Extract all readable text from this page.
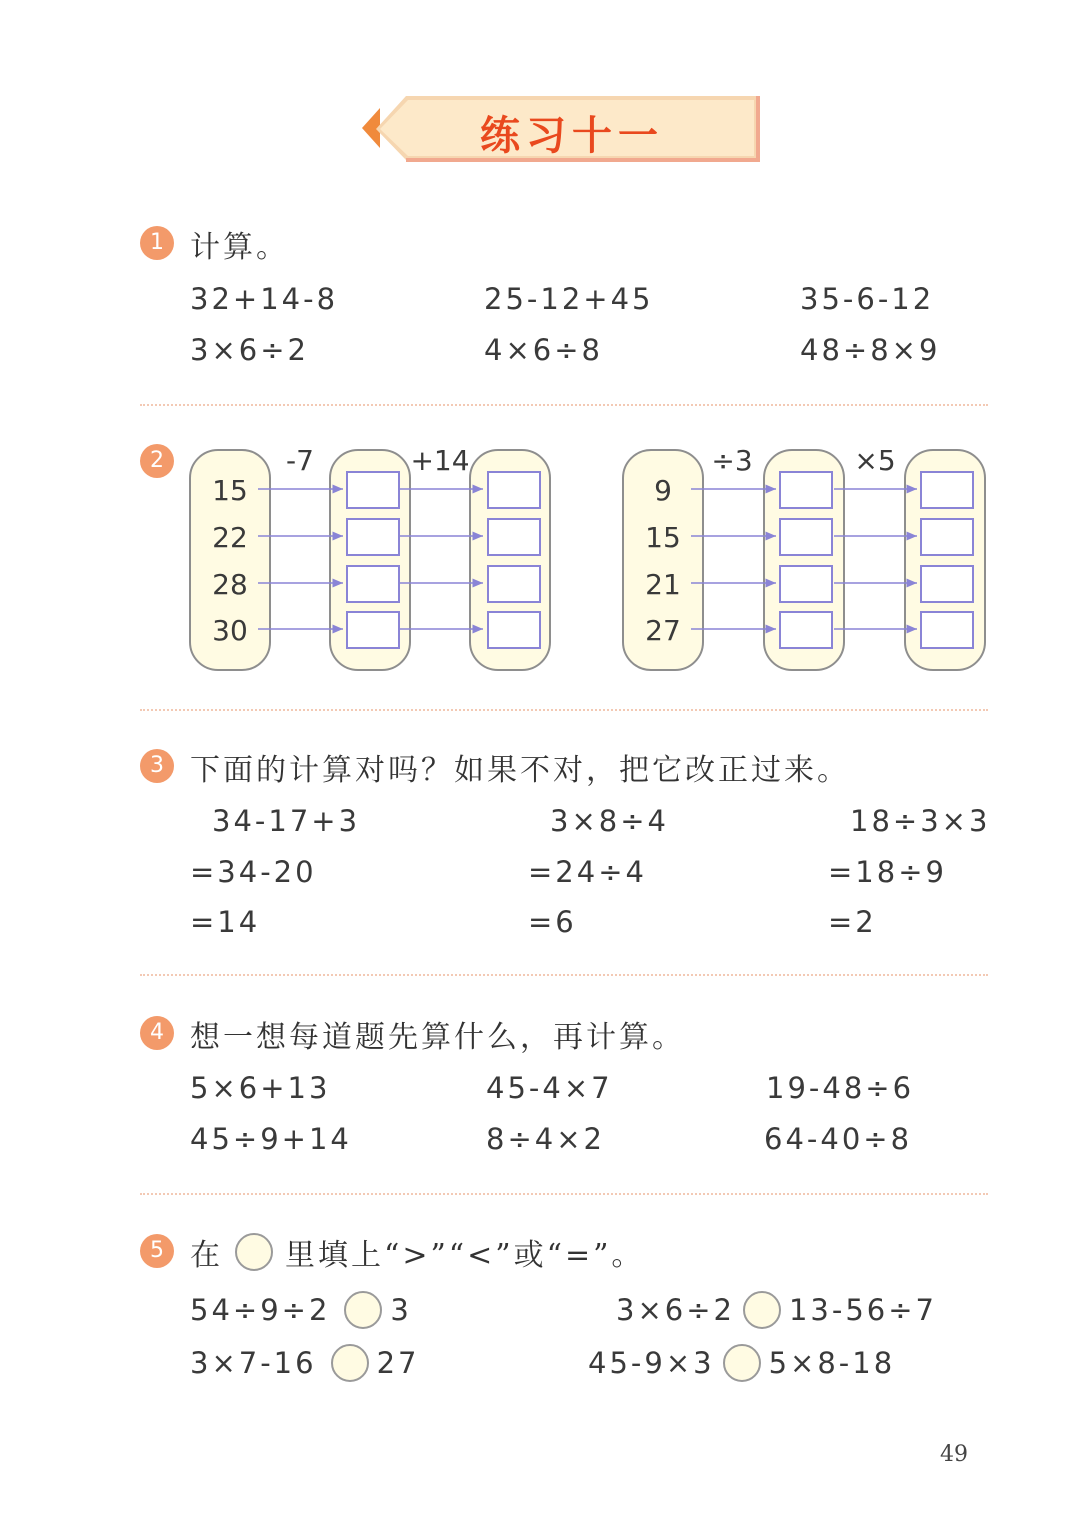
练习十一
1 计算。
32+14-8	25-12+45	35-6-12
3×6÷2	4×6÷8	48÷8×9
2	-7	+14
15
22
28
30
÷3	×5
9
15
21
27
3 下面的计算对吗？如果不对，把它改正过来。
34-17+3
=34-20
=14
3×8÷4
=24÷4
=6
18÷3×3
=18÷9
=2
4 想一想每道题先算什么，再计算。
5×6+13	45-4×7	19-48÷6
45÷9+14	8÷4×2	64-40÷8
5 在 里填上“>”“<”或“=”。
54÷9÷2 3	3×6÷2 13-56÷7
3×7-16 27	45-9×3 5×8-18
49
